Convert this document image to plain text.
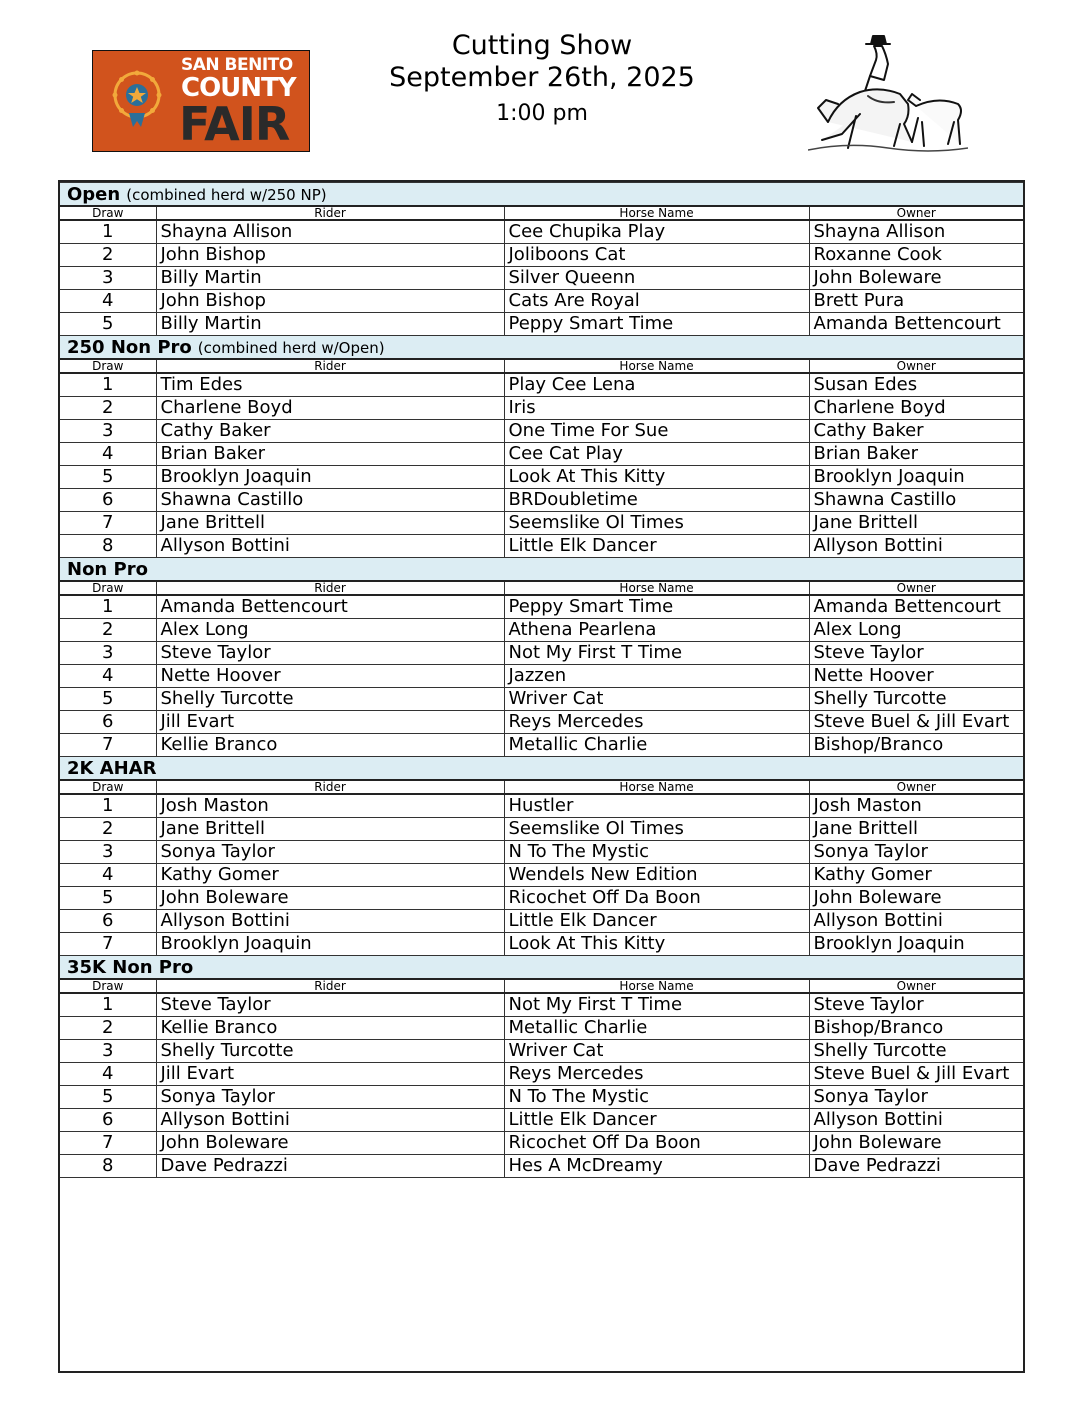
SAN BENITO
COUNTY
FAIR
Cutting Show
September 26th, 2025
1:00 pm
Open (combined herd w/250 NP)			
Draw	Rider	Horse Name	Owner
1	Shayna Allison	Cee Chupika Play	Shayna Allison
2	John Bishop	Joliboons Cat	Roxanne Cook
3	Billy Martin	Silver Queenn	John Boleware
4	John Bishop	Cats Are Royal	Brett Pura
5	Billy Martin	Peppy Smart Time	Amanda Bettencourt
250 Non Pro (combined herd w/Open)			
Draw	Rider	Horse Name	Owner
1	Tim Edes	Play Cee Lena	Susan Edes
2	Charlene Boyd	Iris	Charlene Boyd
3	Cathy Baker	One Time For Sue	Cathy Baker
4	Brian Baker	Cee Cat Play	Brian Baker
5	Brooklyn Joaquin	Look At This Kitty	Brooklyn Joaquin
6	Shawna Castillo	BRDoubletime	Shawna Castillo
7	Jane Brittell	Seemslike Ol Times	Jane Brittell
8	Allyson Bottini	Little Elk Dancer	Allyson Bottini
Non Pro			
Draw	Rider	Horse Name	Owner
1	Amanda Bettencourt	Peppy Smart Time	Amanda Bettencourt
2	Alex Long	Athena Pearlena	Alex Long
3	Steve Taylor	Not My First T Time	Steve Taylor
4	Nette Hoover	Jazzen	Nette Hoover
5	Shelly Turcotte	Wriver Cat	Shelly Turcotte
6	Jill Evart	Reys Mercedes	Steve Buel & Jill Evart
7	Kellie Branco	Metallic Charlie	Bishop/Branco
2K AHAR			
Draw	Rider	Horse Name	Owner
1	Josh Maston	Hustler	Josh Maston
2	Jane Brittell	Seemslike Ol Times	Jane Brittell
3	Sonya Taylor	N To The Mystic	Sonya Taylor
4	Kathy Gomer	Wendels New Edition	Kathy Gomer
5	John Boleware	Ricochet Off Da Boon	John Boleware
6	Allyson Bottini	Little Elk Dancer	Allyson Bottini
7	Brooklyn Joaquin	Look At This Kitty	Brooklyn Joaquin
35K Non Pro			
Draw	Rider	Horse Name	Owner
1	Steve Taylor	Not My First T Time	Steve Taylor
2	Kellie Branco	Metallic Charlie	Bishop/Branco
3	Shelly Turcotte	Wriver Cat	Shelly Turcotte
4	Jill Evart	Reys Mercedes	Steve Buel & Jill Evart
5	Sonya Taylor	N To The Mystic	Sonya Taylor
6	Allyson Bottini	Little Elk Dancer	Allyson Bottini
7	John Boleware	Ricochet Off Da Boon	John Boleware
8	Dave Pedrazzi	Hes A McDreamy	Dave Pedrazzi
